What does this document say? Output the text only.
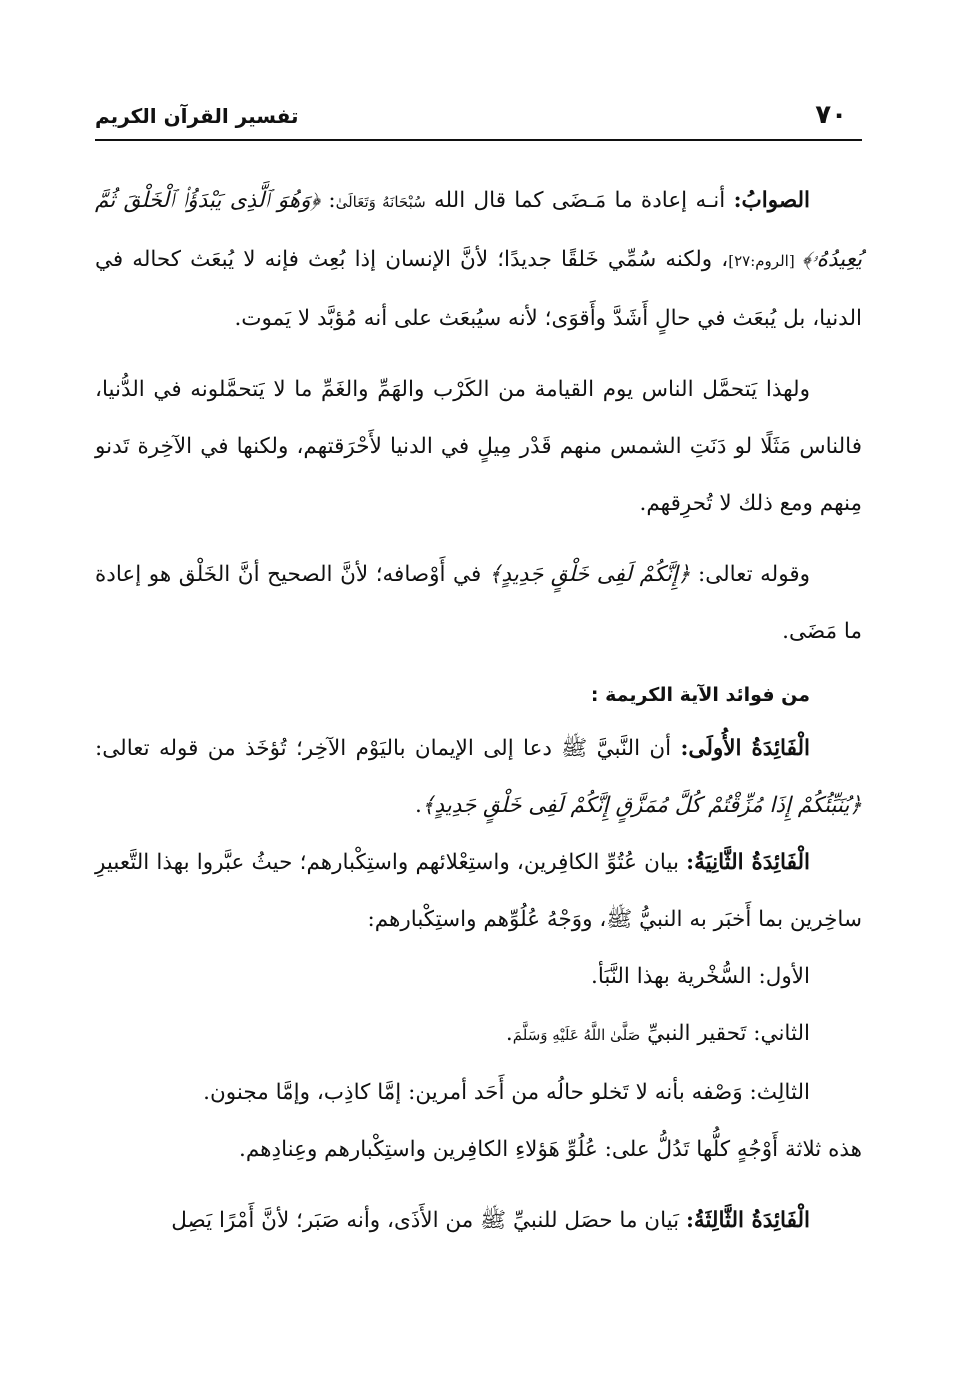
٧٠
تفسير القرآن الكريم

الصوابُ: أنـه إعادة ما مَـضَى كما قال الله سُبْحَانَهُ وَتَعَالَىٰ: ﴿وَهُوَ ٱلَّذِى يَبْدَؤُا۟ ٱلْخَلْقَ ثُمَّ يُعِيدُهُۥ﴾ [الروم:٢٧]، ولكنه سُمِّي خَلقًا جديدًا؛ لأنَّ الإنسان إذا بُعِث فإنه لا يُبعَث كحاله في الدنيا، بل يُبعَث في حالٍ أَشَدَّ وأَقوَى؛ لأنه سيُبعَث على أنه مُؤبَّد لا يَموت.

ولهذا يَتحمَّل الناس يوم القيامة من الكَرْب والهَمِّ والغَمِّ ما لا يَتحمَّلونه في الدُّنيا، فالناس مَثَلًا لو دَنَتِ الشمس منهم قَدْر مِيلٍ في الدنيا لأَحْرَقتهم، ولكنها في الآخِرة تَدنو مِنهم ومع ذلك لا تُحرِقهم.

وقوله تعالى: ﴿إِنَّكُمْ لَفِى خَلْقٍ جَدِيدٍ﴾ في أَوْصافه؛ لأنَّ الصحيح أنَّ الخَلْق هو إعادة ما مَضَى.

من فوائد الآية الكريمة :

الْفَائِدَةُ الأُولَى: أن النَّبيَّ ﷺ دعا إلى الإيمان باليَوْم الآخِر؛ تُؤخَذ من قوله تعالى: ﴿يُنَبِّئُكُمْ إِذَا مُزِّقْتُمْ كُلَّ مُمَزَّقٍ إِنَّكُمْ لَفِى خَلْقٍ جَدِيدٍ﴾.

الْفَائِدَةُ الثَّانِيَةُ: بيان عُتُوِّ الكافِرين، واستِعْلائهم واستِكْبارهم؛ حيثُ عبَّروا بهذا التَّعبيرِ ساخِرين بما أَخبَر به النبيُّ ﷺ، ووَجْهُ عُلُوِّهم واستِكْبارهم:

الأول: السُّخْرية بهذا النَّبَأ.

الثاني: تَحقير النبيِّ صَلَّىٰ اللَّهُ عَلَيْهِ وَسَلَّمَ.

الثالِث: وَصْفه بأنه لا تَخلو حالُه من أَحَد أمرين: إمَّا كاذِب، وإمَّا مجنون.

هذه ثلاثة أَوْجُهٍ كلُّها تَدُلُّ على: عُلُوِّ هَؤلاءِ الكافِرين واستِكْبارهم وعِنادِهم.

الْفَائِدَةُ الثَّالِثَةُ: بَيان ما حصَل للنبيِّ ﷺ من الأَذَى، وأنه صَبَر؛ لأنَّ أَمْرًا يَصِل
